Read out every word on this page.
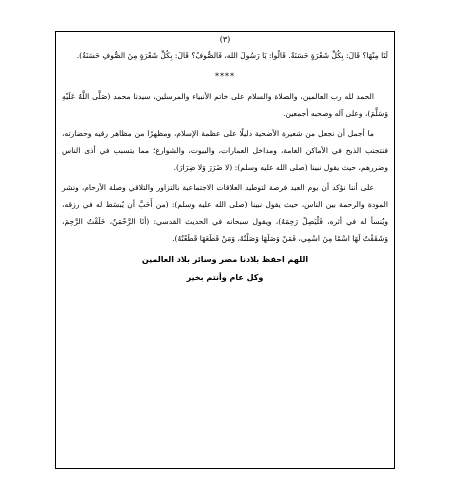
(٣)

لَنَا مِنْهَا؟ قَالَ: بِكُلِّ شَعْرَةٍ حَسَنَةٌ. قَالُوا: يَا رَسُولَ الله، فَالصُّوفُ؟ قَالَ: بِكُلِّ شَعْرَةٍ مِنَ الصُّوفِ حَسَنَةٌ).

****

الحمد لله رب العالمين، والصلاة والسلام على خاتم الأنبياء والمرسلين، سيدنا محمد (صَلَّى اللَّهُ عَلَيْهِ وَسَلَّمَ)، وعلى آله وصحبه أجمعين.

ما أجمل أن نجعل من شعيرة الأضحية دليلًا على عظمة الإسلام، ومظهرًا من مظاهر رقيه وحضارته، فنتجنب الذبح في الأماكن العامة، ومداخل العمارات، والبيوت، والشوارع؛ مما يتسبب في أذى الناس وضررهم، حيث يقول نبينا (صلى الله عليه وسلم): (لا ضَرَرَ وَلا ضِرَارَ).

على أننا نؤكد أن يوم العيد فرصة لتوطيد العلاقات الاجتماعية بالتزاور والتلاقي وصلة الأرحام، ونشر المودة والرحمة بين الناس، حيث يقول نبينا (صلى الله عليه وسلم): (من أَحَبَّ أن يُبسَط له في رزقه، ويُنسأ له في أثره، فَلْيَصِلْ رَحِمَهُ)، ويقول سبحانه في الحديث القدسي: (أنَا الرَّحْمَنُ، خَلَقْتُ الرَّحِمَ، وَشَقَقْتُ لَهَا اسْمًا مِنَ اسْمِي، فَمَنْ وَصَلَهَا وَصَلْتُهُ، وَمَنْ قَطَعَهَا قَطَعْتُهُ).

اللهم احفظ بلادنا مصر وسائر بلاد العالمين

وكل عام وأنتم بخير
